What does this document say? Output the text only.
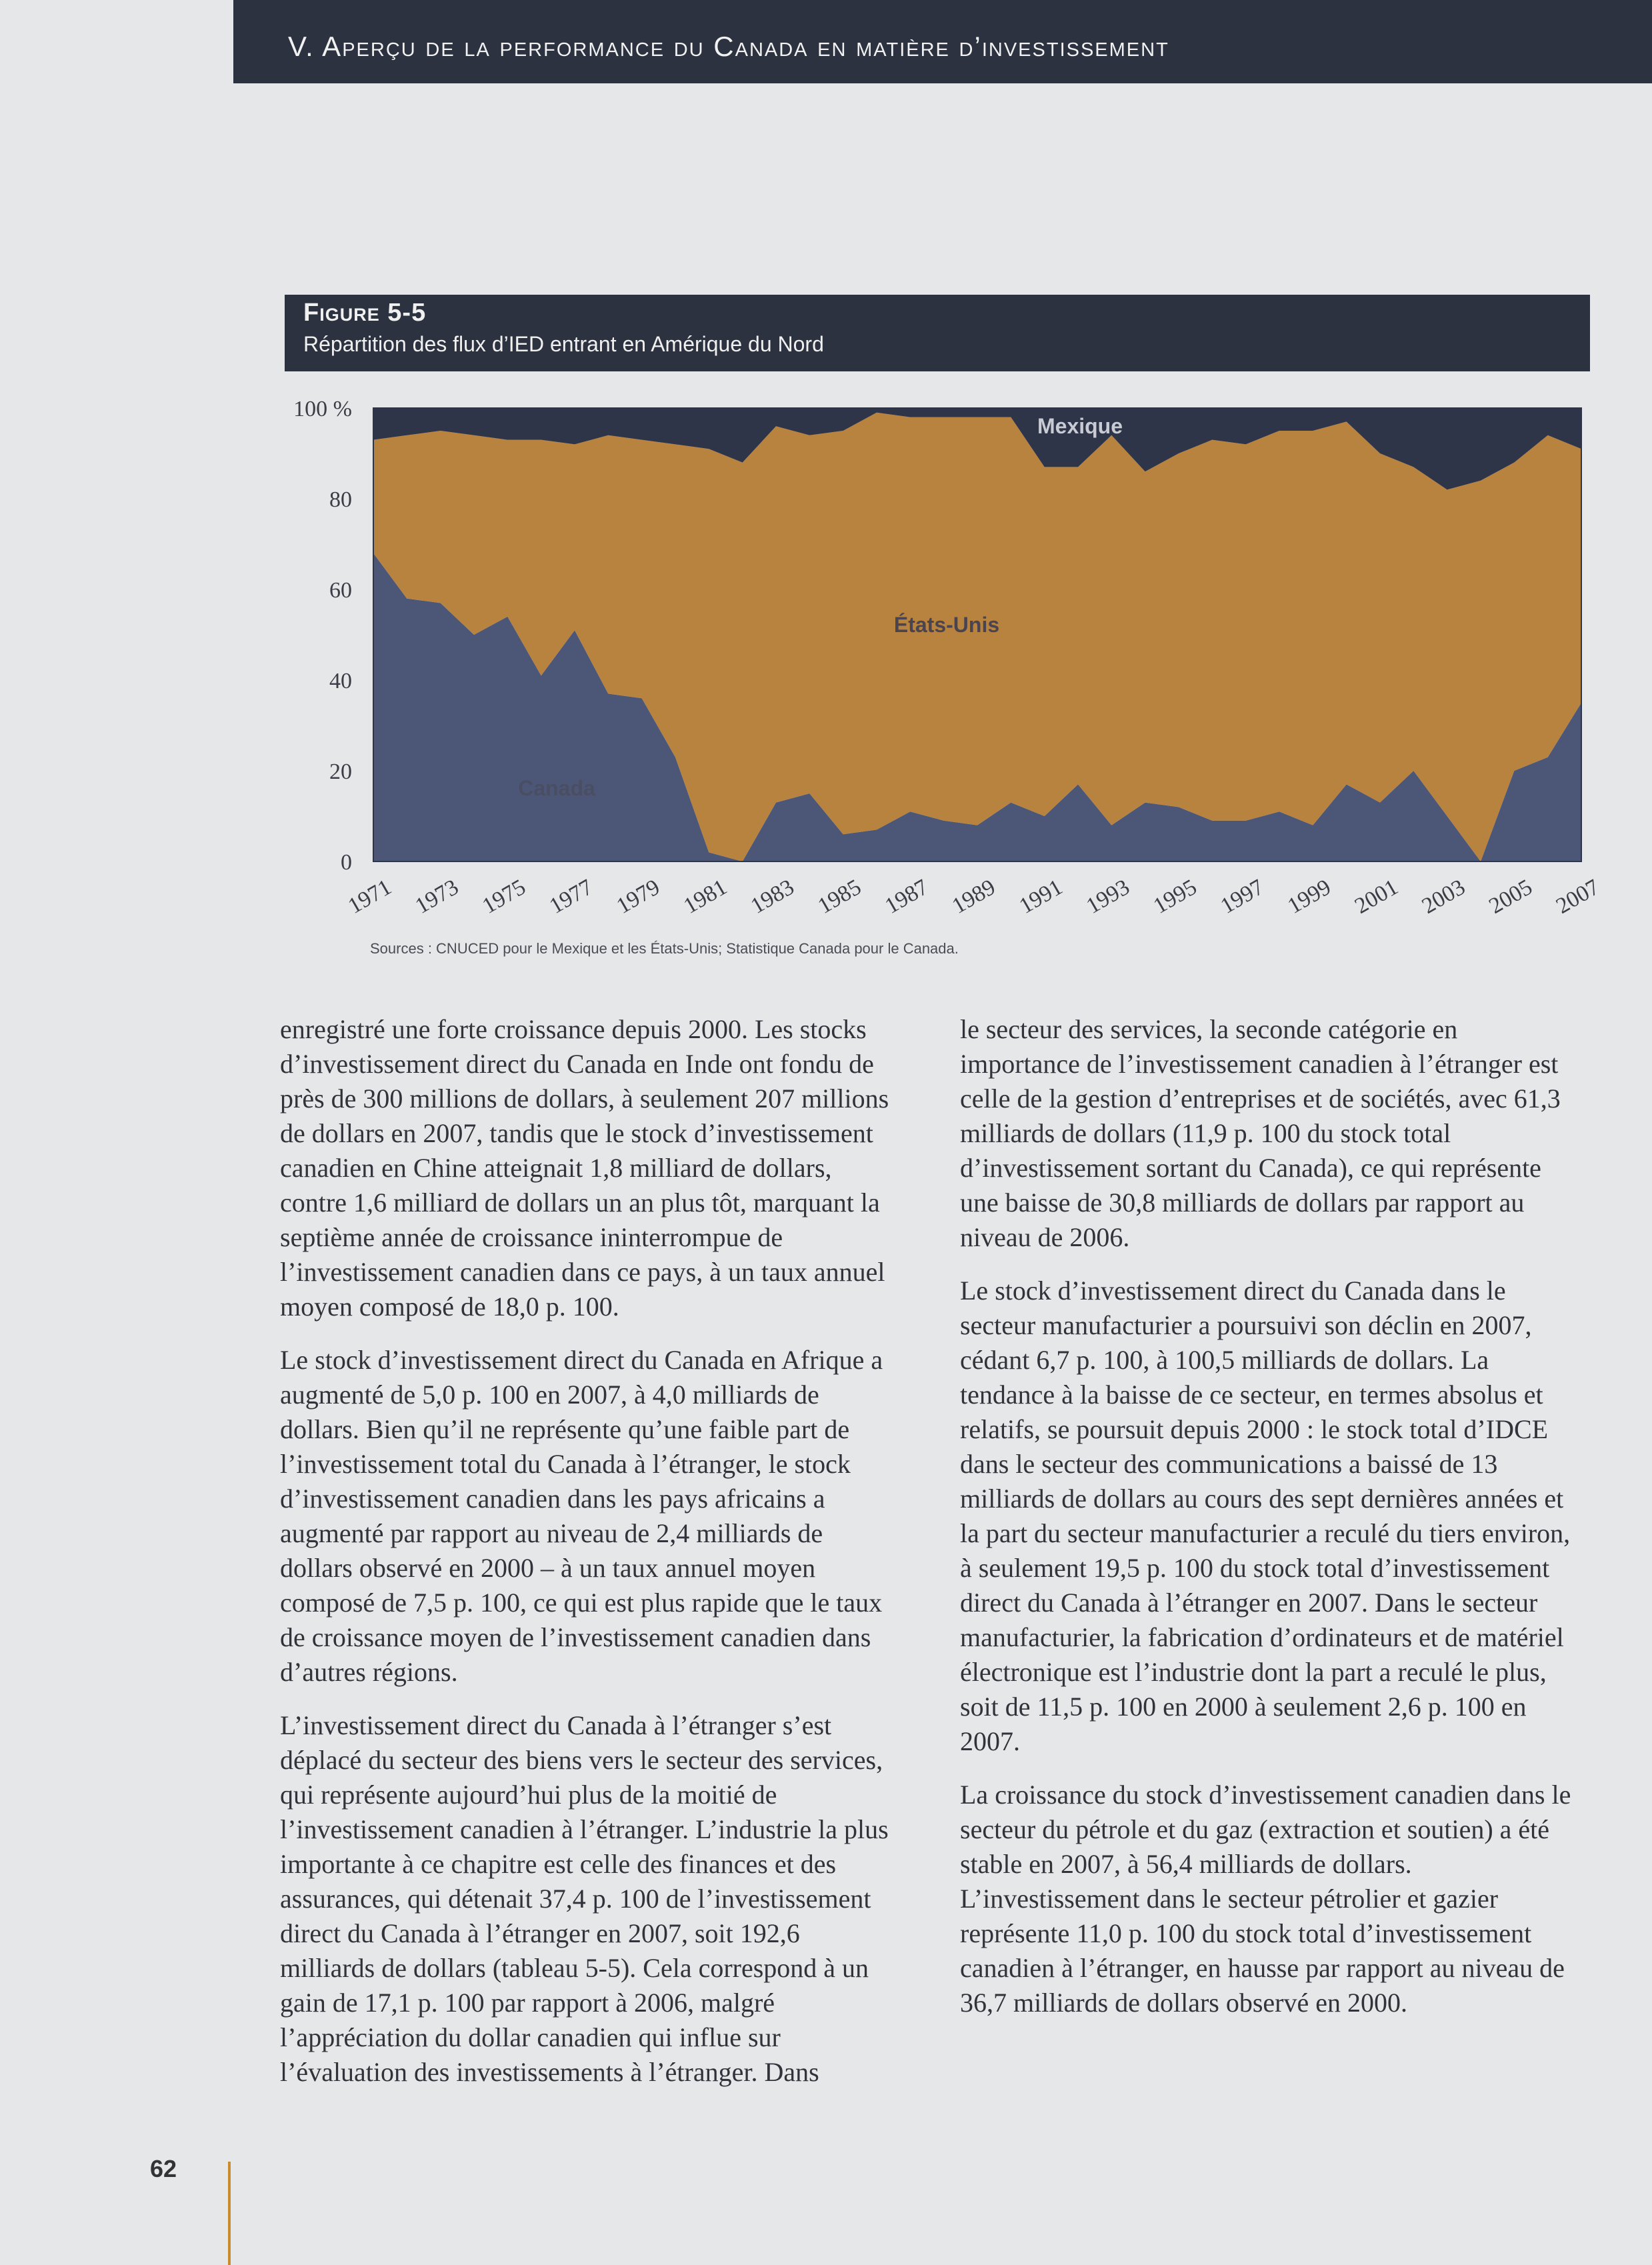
V. Aperçu de la performance du Canada en matière d’investissement
Figure 5-5
Répartition des flux d’IED entrant en Amérique du Nord
0
20
40
60
80
100 %
1971 1973 1975 1977 1979 1981 1983 1985 1987 1989 1991 1993 1995 1997 1999 2001 2003 2005 2007
Canada
États-Unis
Mexique
Sources : CNUCED pour le Mexique et les États-Unis; Statistique Canada pour le Canada.

enregistré une forte croissance depuis 2000. Les stocks d’investissement direct du Canada en Inde ont fondu de près de 300 millions de dollars, à seulement 207 millions de dollars en 2007, tandis que le stock d’investissement canadien en Chine atteignait 1,8 milliard de dollars, contre 1,6 milliard de dollars un an plus tôt, marquant la septième année de croissance ininterrompue de l’investissement canadien dans ce pays, à un taux annuel moyen composé de 18,0 p. 100.

Le stock d’investissement direct du Canada en Afrique a augmenté de 5,0 p. 100 en 2007, à 4,0 milliards de dollars. Bien qu’il ne représente qu’une faible part de l’investissement total du Canada à l’étranger, le stock d’investissement canadien dans les pays africains a augmenté par rapport au niveau de 2,4 milliards de dollars observé en 2000 – à un taux annuel moyen composé de 7,5 p. 100, ce qui est plus rapide que le taux de croissance moyen de l’investissement canadien dans d’autres régions.

L’investissement direct du Canada à l’étranger s’est déplacé du secteur des biens vers le secteur des services, qui représente aujourd’hui plus de la moitié de l’investissement canadien à l’étranger. L’industrie la plus importante à ce chapitre est celle des finances et des assurances, qui détenait 37,4 p. 100 de l’investissement direct du Canada à l’étranger en 2007, soit 192,6 milliards de dollars (tableau 5-5). Cela correspond à un gain de 17,1 p. 100 par rapport à 2006, malgré l’appréciation du dollar canadien qui influe sur l’évaluation des investissements à l’étranger. Dans

le secteur des services, la seconde catégorie en importance de l’investissement canadien à l’étranger est celle de la gestion d’entreprises et de sociétés, avec 61,3 milliards de dollars (11,9 p. 100 du stock total d’investissement sortant du Canada), ce qui représente une baisse de 30,8 milliards de dollars par rapport au niveau de 2006.

Le stock d’investissement direct du Canada dans le secteur manufacturier a poursuivi son déclin en 2007, cédant 6,7 p. 100, à 100,5 milliards de dollars. La tendance à la baisse de ce secteur, en termes absolus et relatifs, se poursuit depuis 2000 : le stock total d’IDCE dans le secteur des communications a baissé de 13 milliards de dollars au cours des sept dernières années et la part du secteur manufacturier a reculé du tiers environ, à seulement 19,5 p. 100 du stock total d’investissement direct du Canada à l’étranger en 2007. Dans le secteur manufacturier, la fabrication d’ordinateurs et de matériel électronique est l’industrie dont la part a reculé le plus, soit de 11,5 p. 100 en 2000 à seulement 2,6 p. 100 en 2007.

La croissance du stock d’investissement canadien dans le secteur du pétrole et du gaz (extraction et soutien) a été stable en 2007, à 56,4 milliards de dollars. L’investissement dans le secteur pétrolier et gazier représente 11,0 p. 100 du stock total d’investissement canadien à l’étranger, en hausse par rapport au niveau de 36,7 milliards de dollars observé en 2000.

62
